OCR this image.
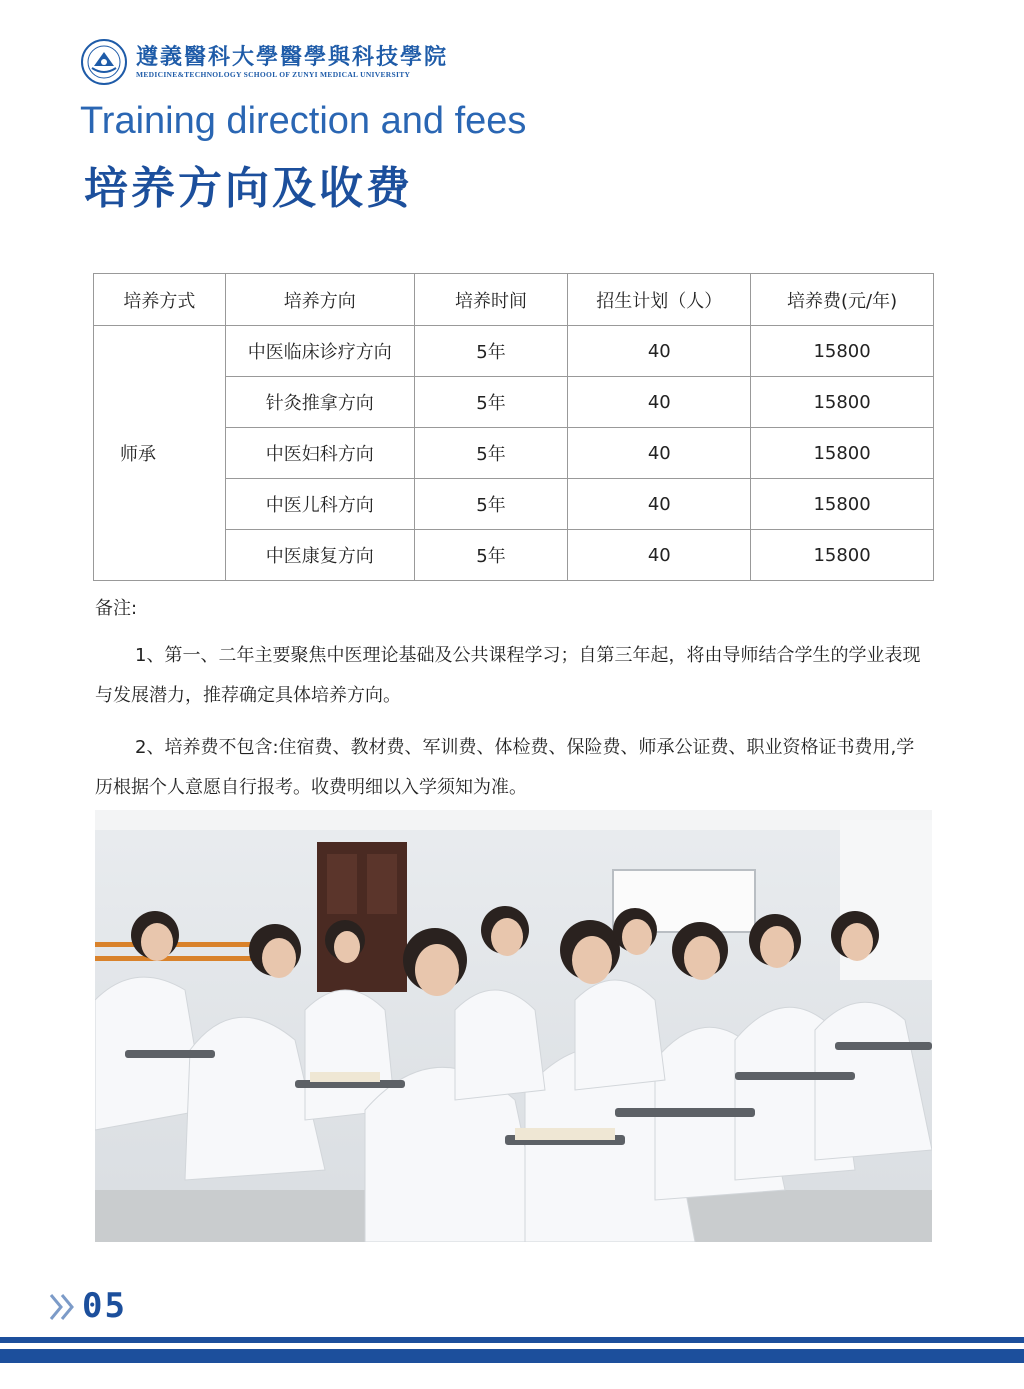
遵義醫科大學醫學與科技學院
MEDICINE&TECHNOLOGY SCHOOL OF ZUNYI MEDICAL UNIVERSITY
Training direction and fees
培养方向及收费
培养方式	培养方向	培养时间	招生计划（人）	培养费(元/年)
师承	中医临床诊疗方向	5年	40	15800
	针灸推拿方向	5年	40	15800
	中医妇科方向	5年	40	15800
	中医儿科方向	5年	40	15800
	中医康复方向	5年	40	15800
备注:

1、第一、二年主要聚焦中医理论基础及公共课程学习；自第三年起，将由导师结合学生的学业表现与发展潜力，推荐确定具体培养方向。

2、培养费不包含:住宿费、教材费、军训费、体检费、保险费、师承公证费、职业资格证书费用,学历根据个人意愿自行报考。收费明细以入学须知为准。

05
